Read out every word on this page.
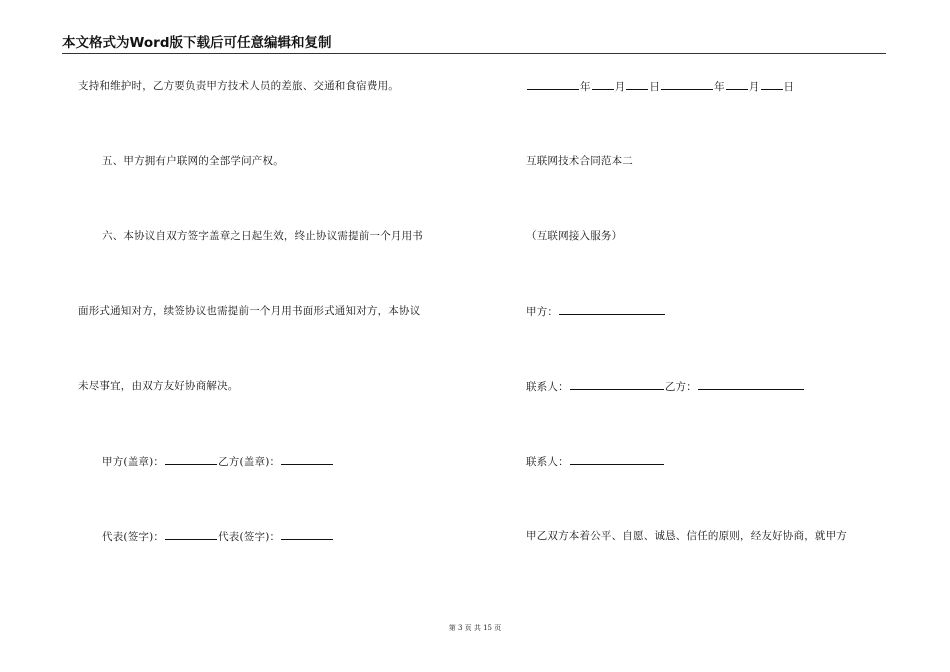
本文格式为Word版下载后可任意编辑和复制
支持和维护时，乙方要负责甲方技术人员的差旅、交通和食宿费用。
五、甲方拥有户联网的全部学问产权。
六、本协议自双方签字盖章之日起生效，终止协议需提前一个月用书
面形式通知对方，续签协议也需提前一个月用书面形式通知对方，本协议
未尽事宜，由双方友好协商解决。
甲方(盖章)：	乙方(盖章)：
代表(签字)：	代表(签字)：
年 月 日	年 月 日
互联网技术合同范本二
（互联网接入服务）
甲方：
联系人：	乙方：
联系人：
甲乙双方本着公平、自愿、诚恳、信任的原则，经友好协商，就甲方
第 3 页 共 15 页
